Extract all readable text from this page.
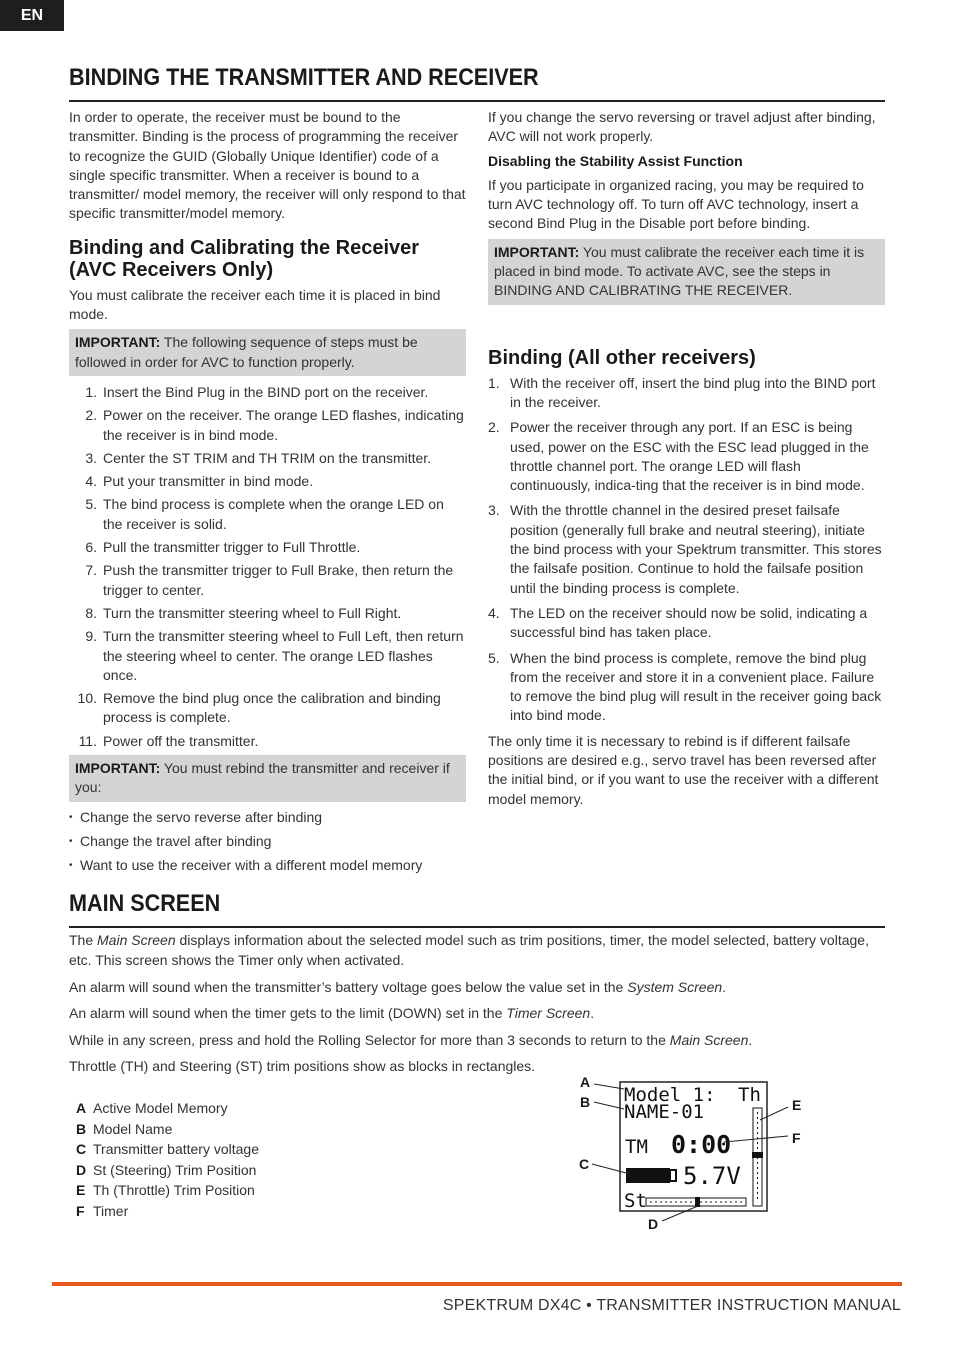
EN
BINDING THE TRANSMITTER AND RECEIVER

In order to operate, the receiver must be bound to the transmitter. Binding is the process of programming the receiver to recognize the GUID (Globally Unique Identifier) code of a single specific transmitter. When a receiver is bound to a transmitter/ model memory, the receiver will only respond to that specific transmitter/model memory.

Binding and Calibrating the Receiver (AVC Receivers Only)

You must calibrate the receiver each time it is placed in bind mode.

IMPORTANT: The following sequence of steps must be followed in order for AVC to function properly.
1. Insert the Bind Plug in the BIND port on the receiver.
2. Power on the receiver. The orange LED flashes, indicating the receiver is in bind mode.
3. Center the ST TRIM and TH TRIM on the transmitter.
4. Put your transmitter in bind mode.
5. The bind process is complete when the orange LED on the receiver is solid.
6. Pull the transmitter trigger to Full Throttle.
7. Push the transmitter trigger to Full Brake, then return the trigger to center.
8. Turn the transmitter steering wheel to Full Right.
9. Turn the transmitter steering wheel to Full Left, then return the steering wheel to center. The orange LED flashes once.
10. Remove the bind plug once the calibration and binding process is complete.
11. Power off the transmitter.
IMPORTANT: You must rebind the transmitter and receiver if you:
• Change the servo reverse after binding
• Change the travel after binding
• Want to use the receiver with a different model memory

If you change the servo reversing or travel adjust after binding, AVC will not work properly.

Disabling the Stability Assist Function

If you participate in organized racing, you may be required to turn AVC technology off. To turn off AVC technology, insert a second Bind Plug in the Disable port before binding.

IMPORTANT: You must calibrate the receiver each time it is placed in bind mode. To activate AVC, see the steps in BINDING AND CALIBRATING THE RECEIVER.
Binding (All other receivers)
1. With the receiver off, insert the bind plug into the BIND port in the receiver.
2. Power the receiver through any port. If an ESC is being used, power on the ESC with the ESC lead plugged in the throttle channel port. The orange LED will flash continuously, indica-ting that the receiver is in bind mode.
3. With the throttle channel in the desired preset failsafe position (generally full brake and neutral steering), initiate the bind process with your Spektrum transmitter. This stores the failsafe position. Continue to hold the failsafe position until the binding process is complete.
4. The LED on the receiver should now be solid, indicating a successful bind has taken place.
5. When the bind process is complete, remove the bind plug from the receiver and store it in a convenient place. Failure to remove the bind plug will result in the receiver going back into bind mode.

The only time it is necessary to rebind is if different failsafe positions are desired e.g., servo travel has been reversed after the initial bind, or if you want to use the receiver with a different model memory.

MAIN SCREEN

The Main Screen displays information about the selected model such as trim positions, timer, the model selected, battery voltage, etc. This screen shows the Timer only when activated.

An alarm will sound when the transmitter’s battery voltage goes below the value set in the System Screen.

An alarm will sound when the timer gets to the limit (DOWN) set in the Timer Screen.

While in any screen, press and hold the Rolling Selector for more than 3 seconds to return to the Main Screen.

Throttle (TH) and Steering (ST) trim positions show as blocks in rectangles.

A Active Model Memory
B Model Name
C Transmitter battery voltage
D St (Steering) Trim Position
E Th (Throttle) Trim Position
F Timer
Model 1: Th
NAME-01
TM 0:00
5.7V
St
A
B
C
D
E
F
SPEKTRUM DX4C • TRANSMITTER INSTRUCTION MANUAL
